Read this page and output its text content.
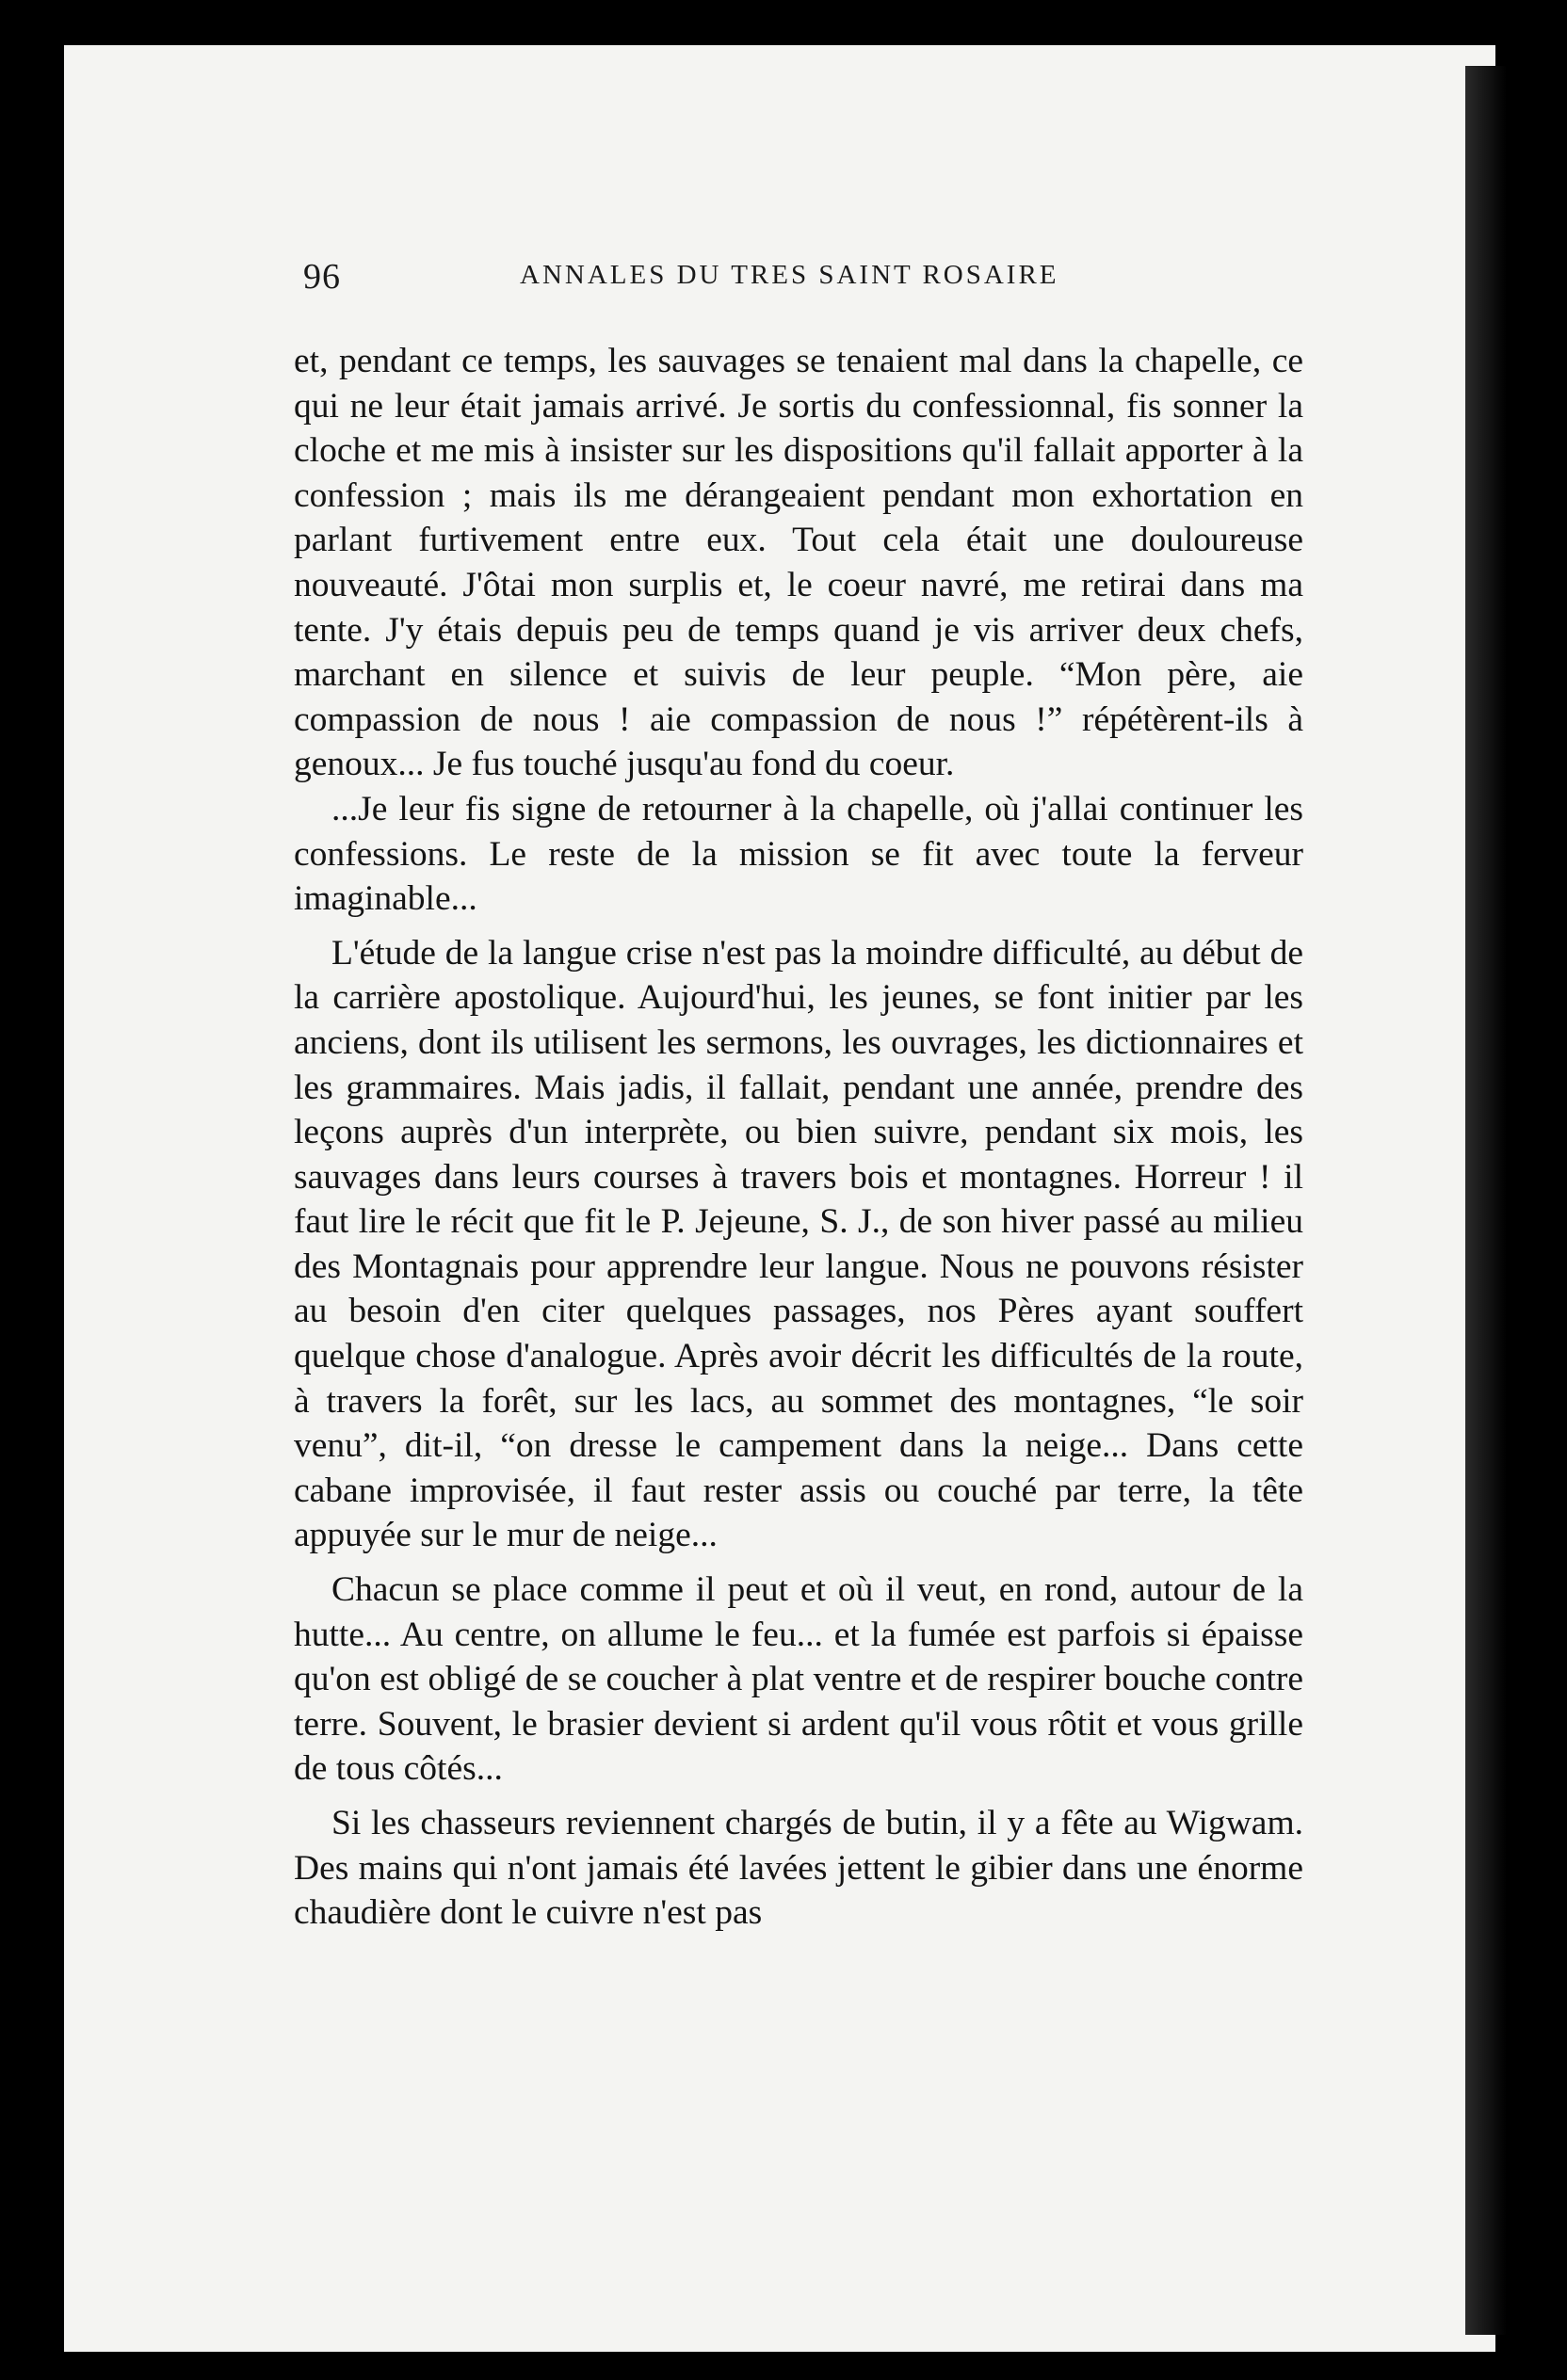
96	ANNALES DU TRES SAINT ROSAIRE

et, pendant ce temps, les sauvages se tenaient mal dans la chapelle, ce qui ne leur était jamais arrivé. Je sortis du confessionnal, fis sonner la cloche et me mis à insister sur les dispositions qu'il fallait apporter à la confession ; mais ils me dérangeaient pendant mon exhortation en parlant furtivement entre eux. Tout cela était une douloureuse nouveauté. J'ôtai mon surplis et, le coeur navré, me retirai dans ma tente. J'y étais depuis peu de temps quand je vis arriver deux chefs, marchant en silence et suivis de leur peuple. “Mon père, aie compassion de nous ! aie compassion de nous !” répétèrent-ils à genoux... Je fus touché jusqu'au fond du coeur.

...Je leur fis signe de retourner à la chapelle, où j'allai continuer les confessions. Le reste de la mission se fit avec toute la ferveur imaginable...

L'étude de la langue crise n'est pas la moindre difficulté, au début de la carrière apostolique. Aujourd'hui, les jeunes, se font initier par les anciens, dont ils utilisent les sermons, les ouvrages, les dictionnaires et les grammaires. Mais jadis, il fallait, pendant une année, prendre des leçons auprès d'un interprète, ou bien suivre, pendant six mois, les sauvages dans leurs courses à travers bois et montagnes. Horreur ! il faut lire le récit que fit le P. Jejeune, S. J., de son hiver passé au milieu des Montagnais pour apprendre leur langue. Nous ne pouvons résister au besoin d'en citer quelques passages, nos Pères ayant souffert quelque chose d'analogue. Après avoir décrit les difficultés de la route, à travers la forêt, sur les lacs, au sommet des montagnes, “le soir venu”, dit-il, “on dresse le campement dans la neige... Dans cette cabane improvisée, il faut rester assis ou couché par terre, la tête appuyée sur le mur de neige...

Chacun se place comme il peut et où il veut, en rond, autour de la hutte... Au centre, on allume le feu... et la fumée est parfois si épaisse qu'on est obligé de se coucher à plat ventre et de respirer bouche contre terre. Souvent, le brasier devient si ardent qu'il vous rôtit et vous grille de tous côtés...

Si les chasseurs reviennent chargés de butin, il y a fête au Wigwam. Des mains qui n'ont jamais été lavées jettent le gibier dans une énorme chaudière dont le cuivre n'est pas
